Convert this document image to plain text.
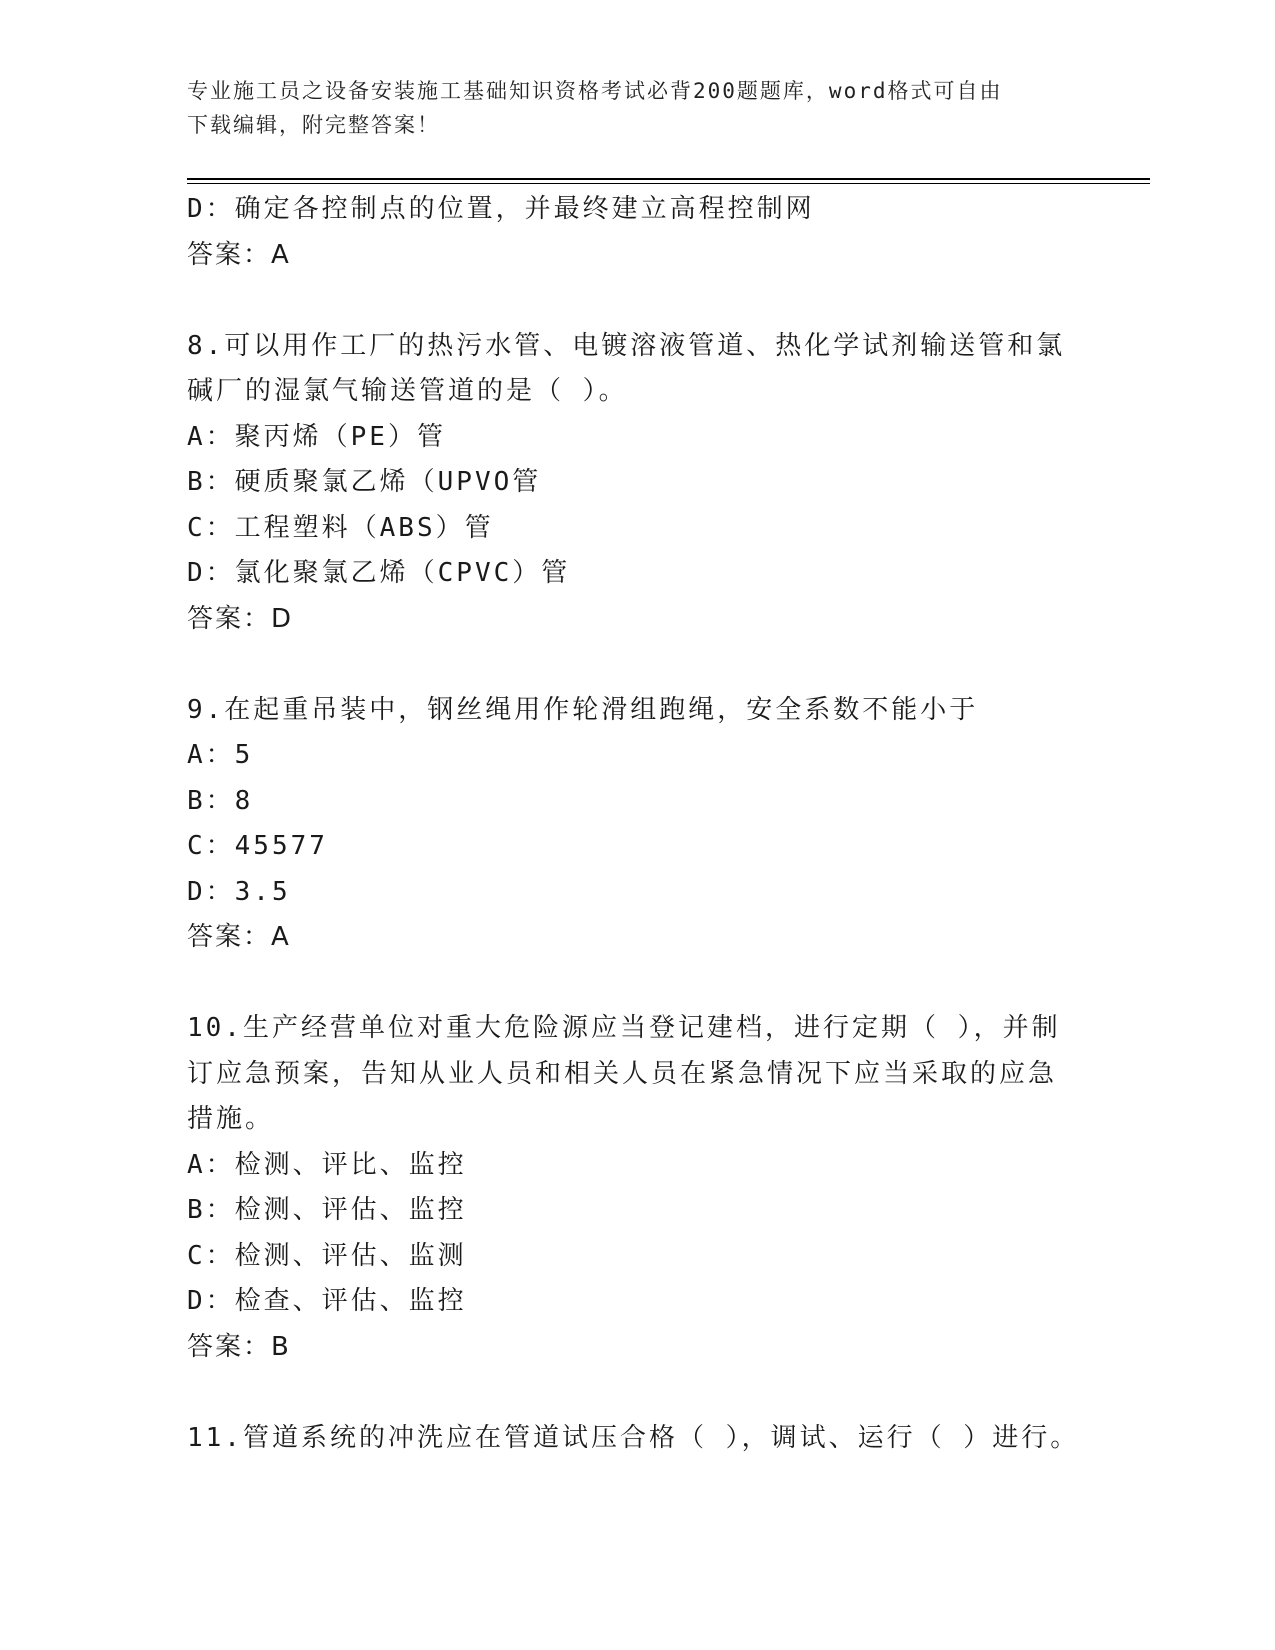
专业施工员之设备安装施工基础知识资格考试必背200题题库，word格式可自由
下载编辑，附完整答案！
D：确定各控制点的位置，并最终建立高程控制网
答案：A
8.可以用作工厂的热污水管、电镀溶液管道、热化学试剂输送管和氯
碱厂的湿氯气输送管道的是（ ）。
A：聚丙烯（PE）管
B：硬质聚氯乙烯（UPVO管
C：工程塑料（ABS）管
D：氯化聚氯乙烯（CPVC）管
答案：D
9.在起重吊装中，钢丝绳用作轮滑组跑绳，安全系数不能小于
A：5
B：8
C：45577
D：3.5
答案：A
10.生产经营单位对重大危险源应当登记建档，进行定期（ ），并制
订应急预案，告知从业人员和相关人员在紧急情况下应当采取的应急
措施。
A：检测、评比、监控
B：检测、评估、监控
C：检测、评估、监测
D：检查、评估、监控
答案：B
11.管道系统的冲洗应在管道试压合格（ ），调试、运行（ ）进行。
